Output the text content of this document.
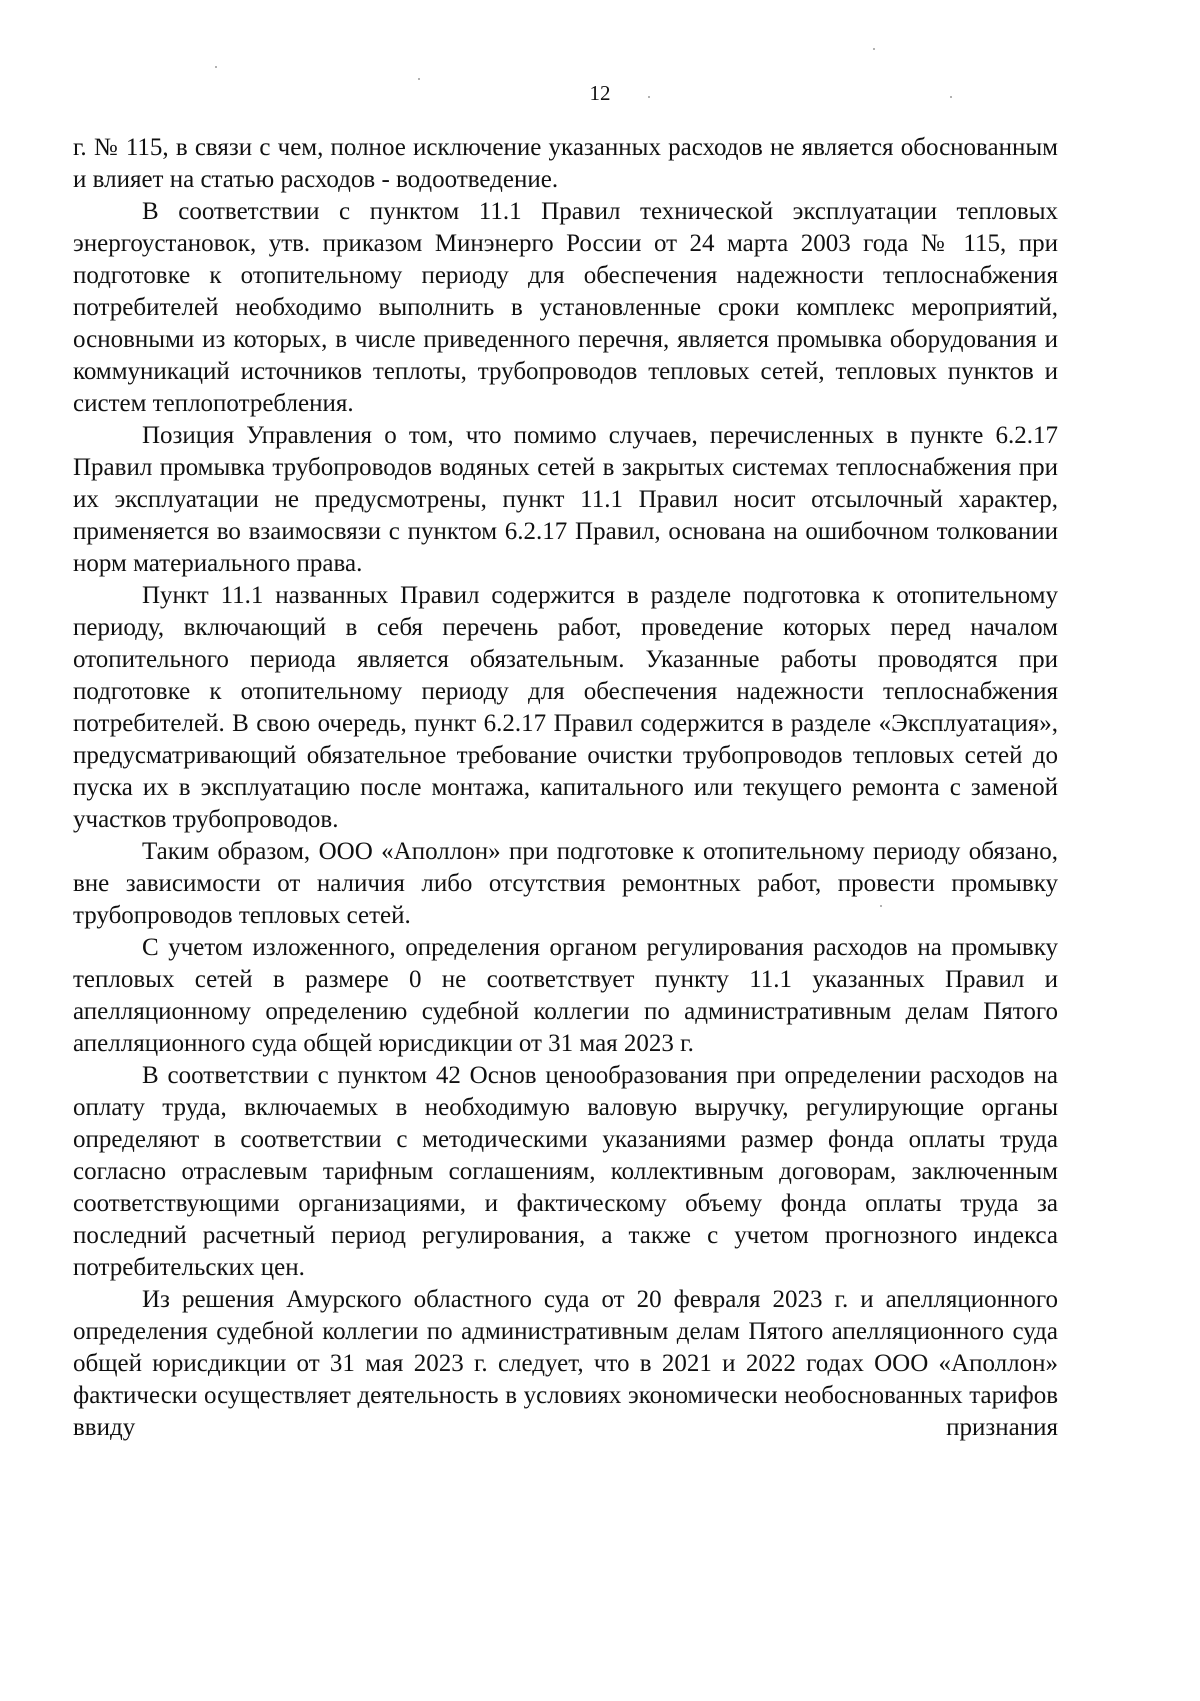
12

г. № 115, в связи с чем, полное исключение указанных расходов не является обоснованным и влияет на статью расходов - водоотведение.

В соответствии с пунктом 11.1 Правил технической эксплуатации тепловых энергоустановок, утв. приказом Минэнерго России от 24 марта 2003 года № 115, при подготовке к отопительному периоду для обеспечения надежности теплоснабжения потребителей необходимо выполнить в установленные сроки комплекс мероприятий, основными из которых, в числе приведенного перечня, является промывка оборудования и коммуникаций источников теплоты, трубопроводов тепловых сетей, тепловых пунктов и систем теплопотребления.

Позиция Управления о том, что помимо случаев, перечисленных в пункте 6.2.17 Правил промывка трубопроводов водяных сетей в закрытых системах теплоснабжения при их эксплуатации не предусмотрены, пункт 11.1 Правил носит отсылочный характер, применяется во взаимосвязи с пунктом 6.2.17 Правил, основана на ошибочном толковании норм материального права.

Пункт 11.1 названных Правил содержится в разделе подготовка к отопительному периоду, включающий в себя перечень работ, проведение которых перед началом отопительного периода является обязательным. Указанные работы проводятся при подготовке к отопительному периоду для обеспечения надежности теплоснабжения потребителей. В свою очередь, пункт 6.2.17 Правил содержится в разделе «Эксплуатация», предусматривающий обязательное требование очистки трубопроводов тепловых сетей до пуска их в эксплуатацию после монтажа, капитального или текущего ремонта с заменой участков трубопроводов.

Таким образом, ООО «Аполлон» при подготовке к отопительному периоду обязано, вне зависимости от наличия либо отсутствия ремонтных работ, провести промывку трубопроводов тепловых сетей.

С учетом изложенного, определения органом регулирования расходов на промывку тепловых сетей в размере 0 не соответствует пункту 11.1 указанных Правил и апелляционному определению судебной коллегии по административным делам Пятого апелляционного суда общей юрисдикции от 31 мая 2023 г.

В соответствии с пунктом 42 Основ ценообразования при определении расходов на оплату труда, включаемых в необходимую валовую выручку, регулирующие органы определяют в соответствии с методическими указаниями размер фонда оплаты труда согласно отраслевым тарифным соглашениям, коллективным договорам, заключенным соответствующими организациями, и фактическому объему фонда оплаты труда за последний расчетный период регулирования, а также с учетом прогнозного индекса потребительских цен.

Из решения Амурского областного суда от 20 февраля 2023 г. и апелляционного определения судебной коллегии по административным делам Пятого апелляционного суда общей юрисдикции от 31 мая 2023 г. следует, что в 2021 и 2022 годах ООО «Аполлон» фактически осуществляет деятельность в условиях экономически необоснованных тарифов ввиду признания
